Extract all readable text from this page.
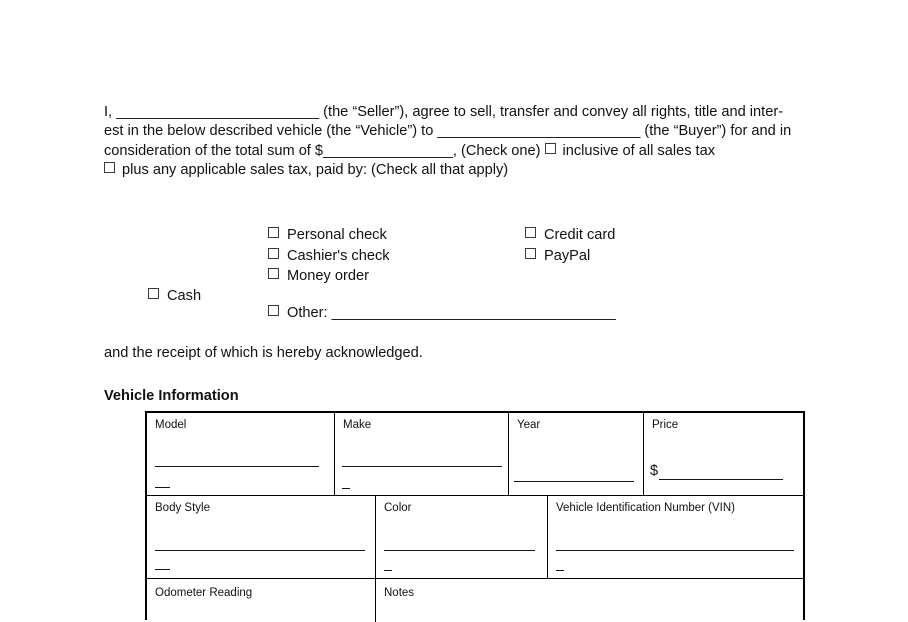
I, _________________________ (the “Seller”), agree to sell, transfer and convey all rights, title and inter-
est in the below described vehicle (the “Vehicle”) to _________________________ (the “Buyer”) for and in
consideration of the total sum of $________________, (Check one) inclusive of all sales tax
plus any applicable sales tax, paid by: (Check all that apply)
Personal check	Credit card
Cashier's check	PayPal
Money order
Cash
Other: ___________________________________
and the receipt of which is hereby acknowledged.
Vehicle Information
Model	Make	Year	Price
$
Body Style	Color	Vehicle Identification Number (VIN)
Odometer Reading	Notes
